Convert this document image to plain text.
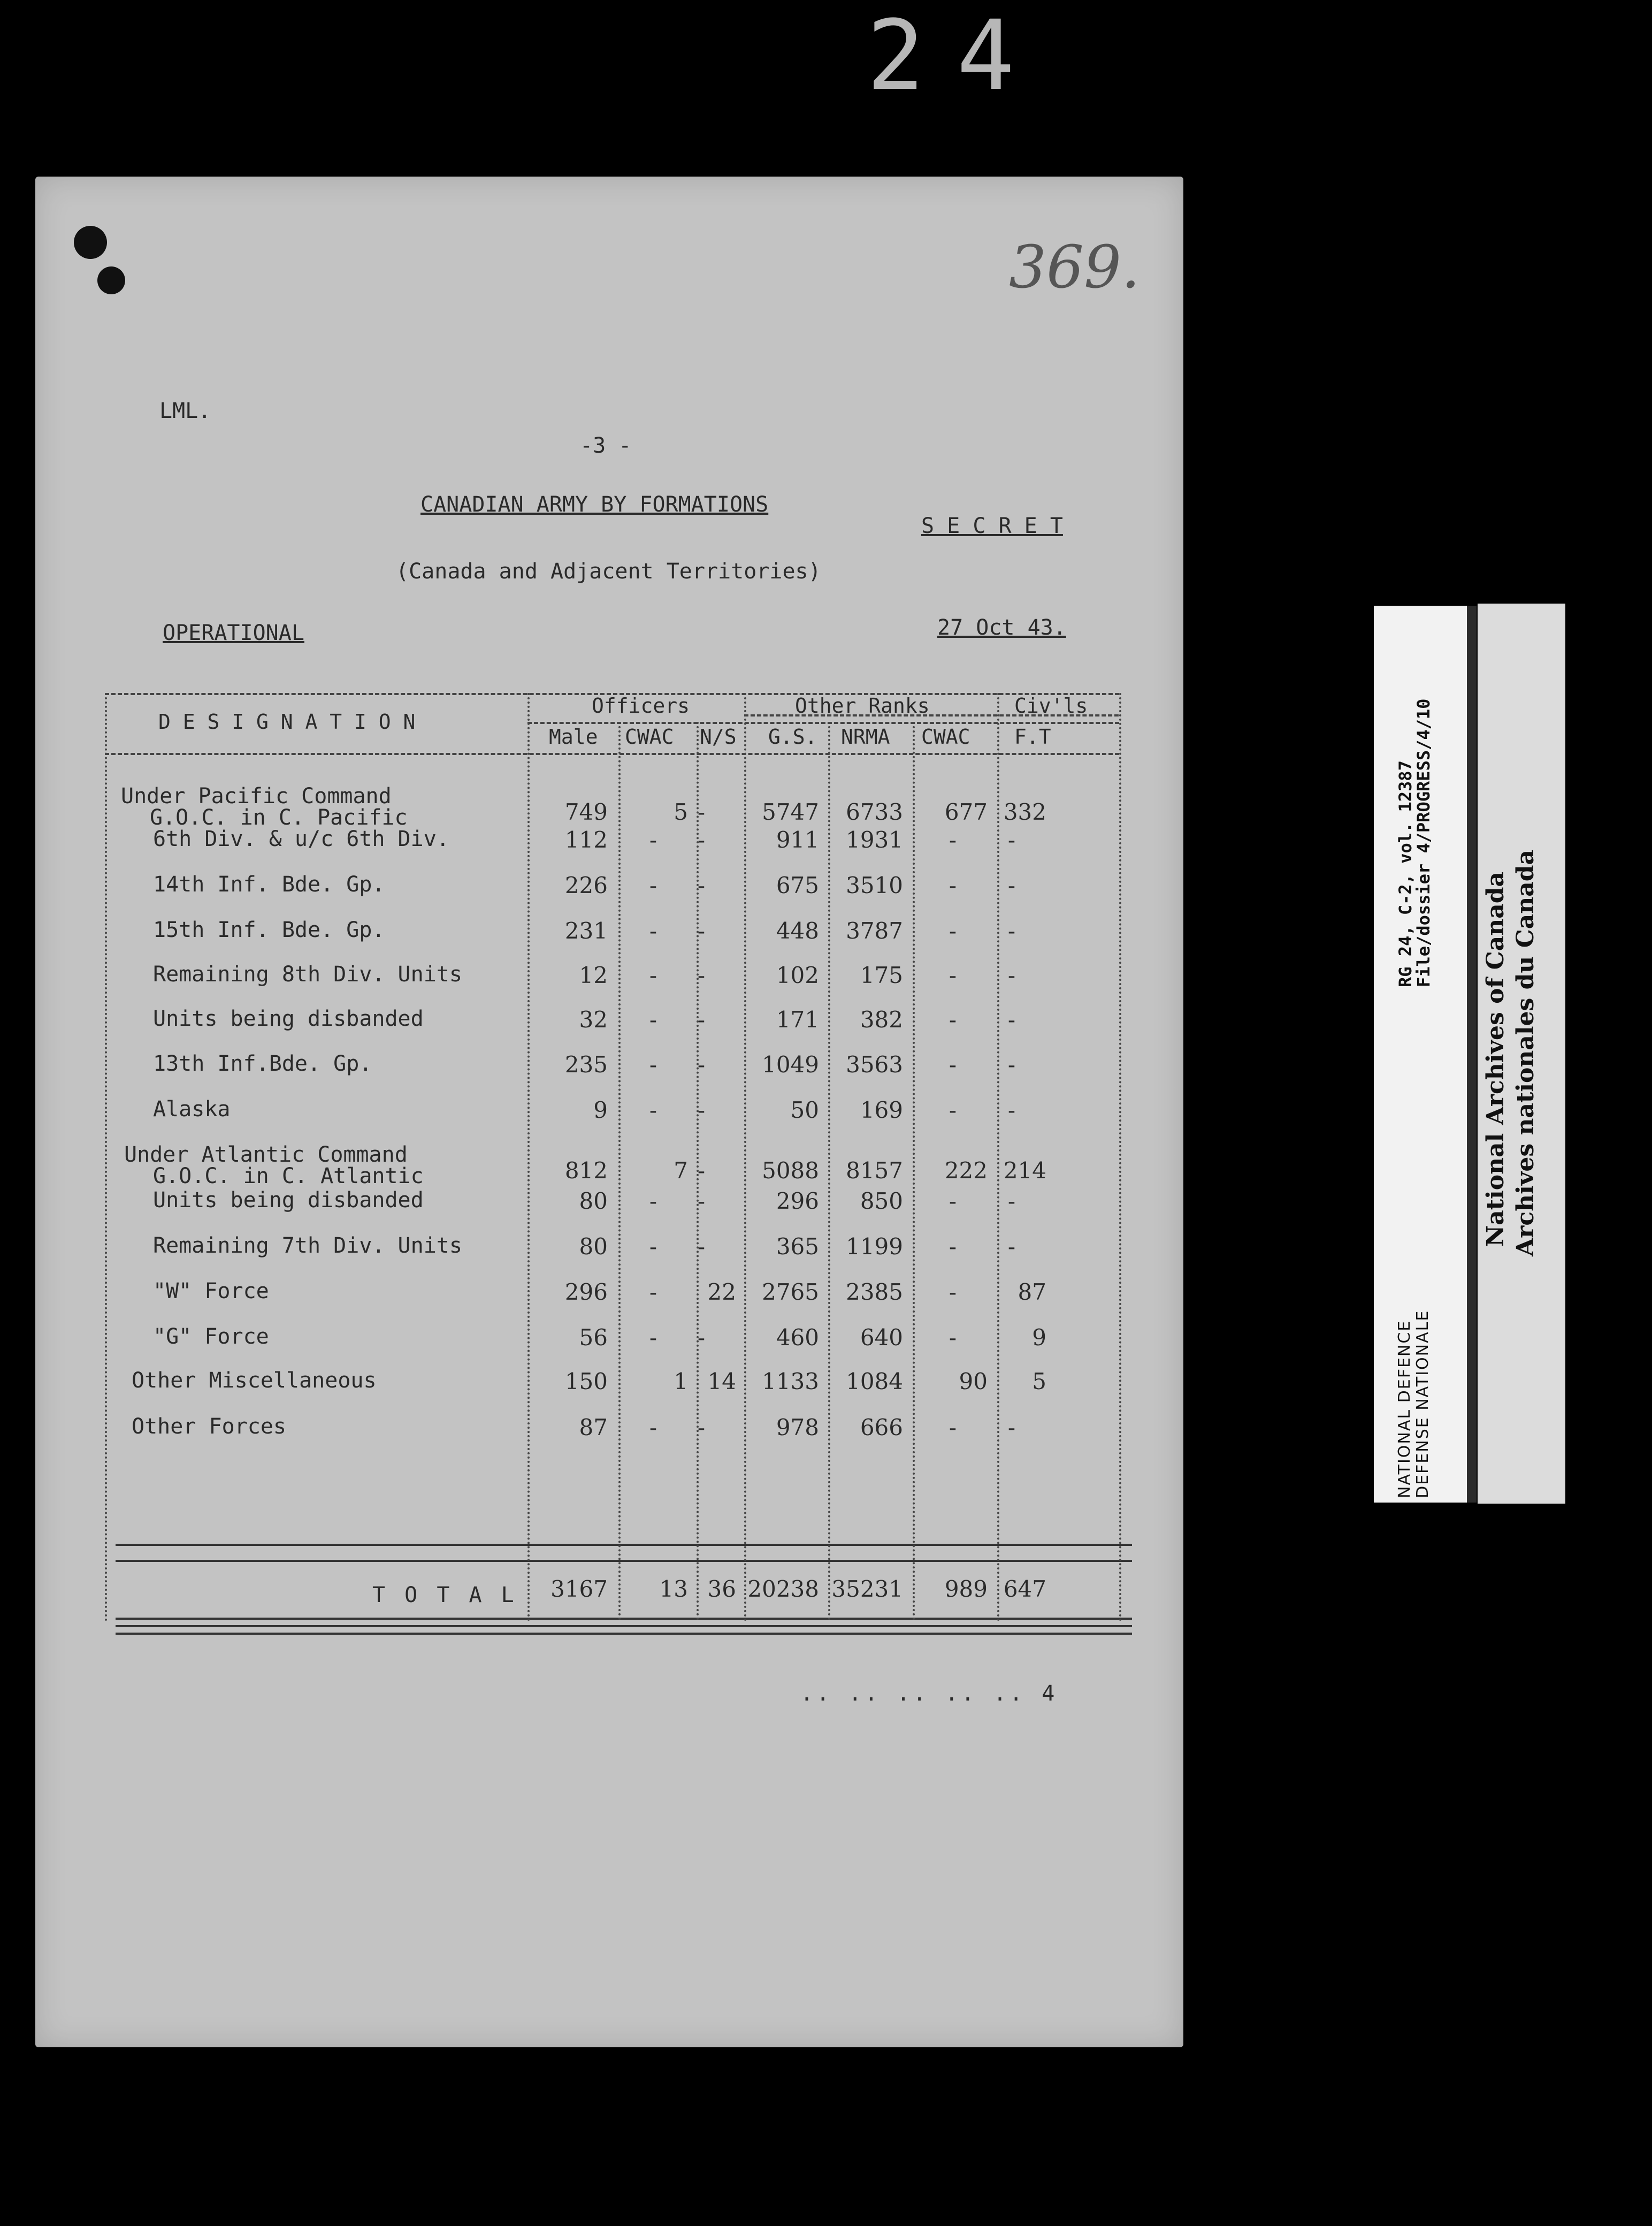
24
369.
LML.
-3 -
CANADIAN ARMY BY FORMATIONS
S E C R E T
(Canada and Adjacent Territories)
OPERATIONAL	27 Oct 43.
D E S I G N A T I O N
Officers	Other Ranks	Civ'ls
Male CWAC N/S G.S. NRMA CWAC F.T
Under Pacific Command
G.O.C. in C. Pacific	749	5 -	5747	6733	677 332
6th Div. & u/c 6th Div.	112	-	-	911	1931	-	-
14th Inf. Bde. Gp.	226	-	-	675	3510	-	-
15th Inf. Bde. Gp.	231	-	-	448	3787	-	-
Remaining 8th Div. Units	12	-	-	102	175	-	-
Units being disbanded	32	-	-	171	382	-	-
13th Inf.Bde. Gp.	235	-	-	1049	3563	-	-
Alaska	9	-	-	50	169	-	-
Under Atlantic Command
G.O.C. in C. Atlantic	812	7 -	5088	8157	222 214
Units being disbanded	80	-	-	296	850	-	-
Remaining 7th Div. Units	80	-	-	365	1199	-	-
"W" Force	296	-	22	2765	2385	-	87
"G" Force	56	-	-	460	640	-	9
Other Miscellaneous	150	1 14	1133	1084	90	5
Other Forces	87	-	-	978	666	-	-
T O T A L	3167	13 36 20238 35231	989 647
.. .. .. .. .. 4
NATIONAL DEFENCE DEFENSE NATIONALE
RG 24, C-2, vol. 12387
File/dossier 4/PROGRESS/4/10
National Archives of Canada Archives nationales du Canada
